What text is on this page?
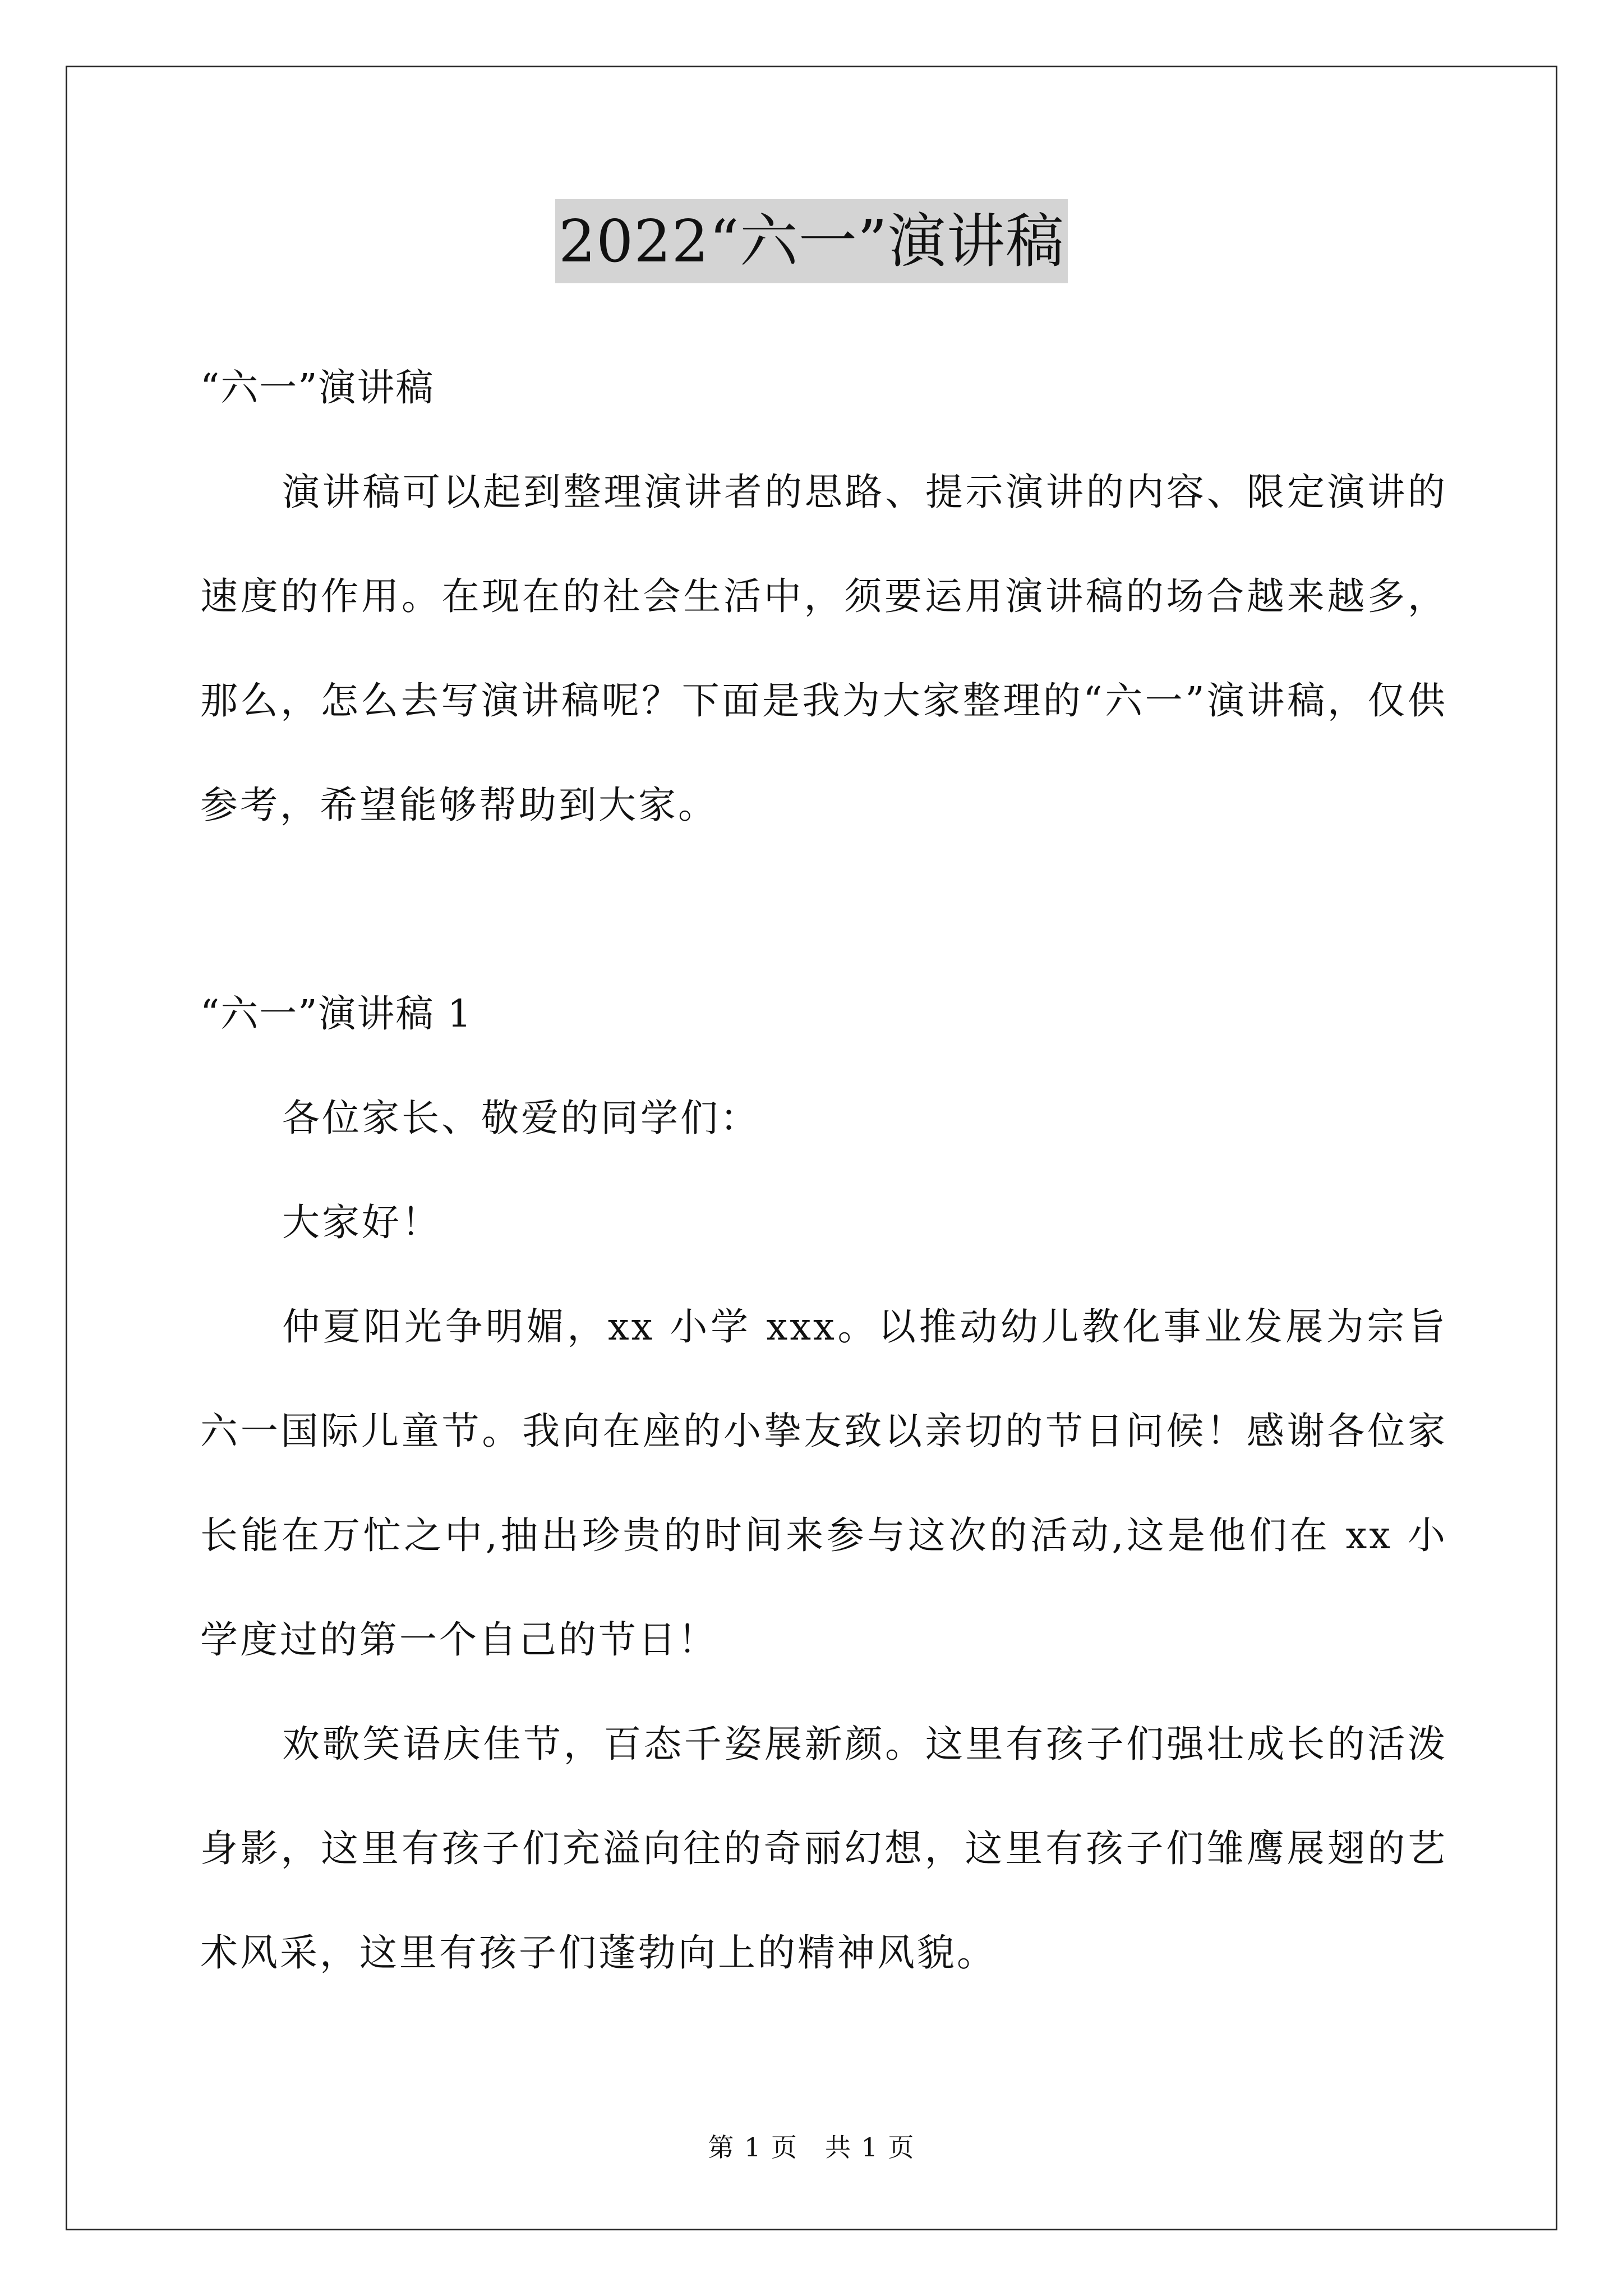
2022“六一”演讲稿

“六一”演讲稿

演讲稿可以起到整理演讲者的思路、提示演讲的内容、限定演讲的速度的作用。在现在的社会生活中，须要运用演讲稿的场合越来越多，那么，怎么去写演讲稿呢？下面是我为大家整理的“六一”演讲稿，仅供参考，希望能够帮助到大家。

“六一”演讲稿 1

各位家长、敬爱的同学们：

大家好！

仲夏阳光争明媚，xx 小学 xxx。以推动幼儿教化事业发展为宗旨六一国际儿童节。我向在座的小挚友致以亲切的节日问候！感谢各位家长能在万忙之中,抽出珍贵的时间来参与这次的活动,这是他们在 xx 小学度过的第一个自己的节日！

欢歌笑语庆佳节，百态千姿展新颜。这里有孩子们强壮成长的活泼身影，这里有孩子们充溢向往的奇丽幻想，这里有孩子们雏鹰展翅的艺术风采，这里有孩子们蓬勃向上的精神风貌。

第 1 页　共 1 页
